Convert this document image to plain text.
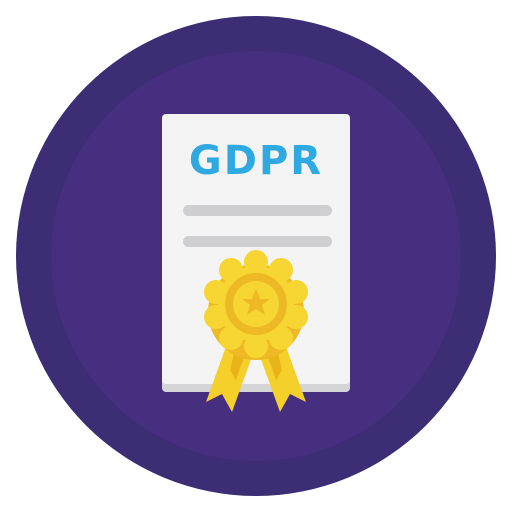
GDPR
